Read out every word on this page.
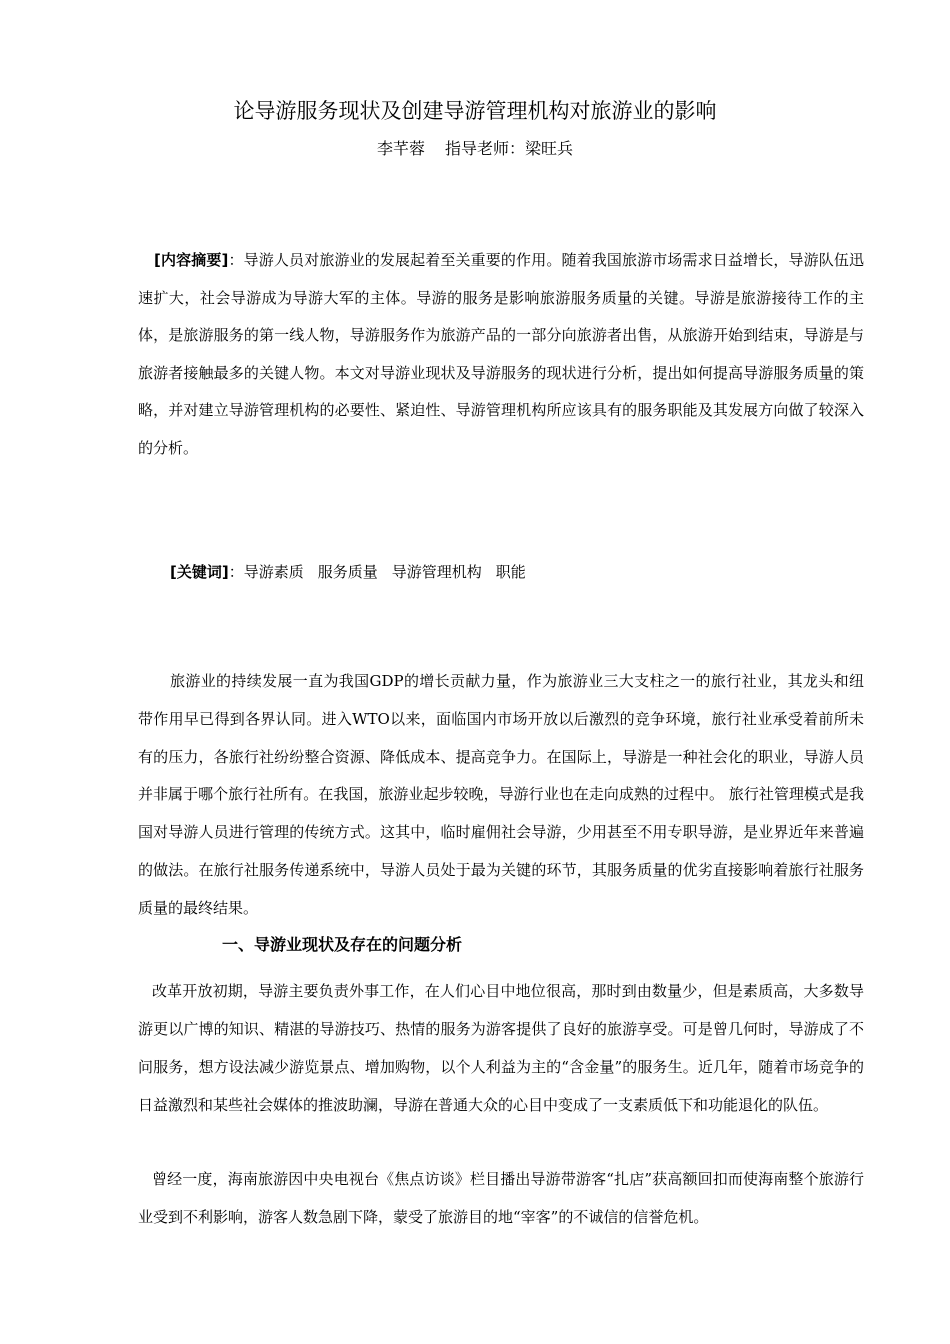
论导游服务现状及创建导游管理机构对旅游业的影响
李芊蓉 指导老师：梁旺兵
[内容摘要]：导游人员对旅游业的发展起着至关重要的作用。随着我国旅游市场需求日益增长，导游队伍迅速扩大，社会导游成为导游大军的主体。导游的服务是影响旅游服务质量的关键。导游是旅游接待工作的主体，是旅游服务的第一线人物，导游服务作为旅游产品的一部分向旅游者出售，从旅游开始到结束，导游是与旅游者接触最多的关键人物。本文对导游业现状及导游服务的现状进行分析，提出如何提高导游服务质量的策略，并对建立导游管理机构的必要性、紧迫性、导游管理机构所应该具有的服务职能及其发展方向做了较深入的分析。
[关键词]：导游素质 服务质量 导游管理机构 职能
旅游业的持续发展一直为我国GDP的增长贡献力量，作为旅游业三大支柱之一的旅行社业，其龙头和纽带作用早已得到各界认同。进入WTO以来，面临国内市场开放以后激烈的竞争环境，旅行社业承受着前所未有的压力，各旅行社纷纷整合资源、降低成本、提高竞争力。在国际上，导游是一种社会化的职业，导游人员并非属于哪个旅行社所有。在我国，旅游业起步较晚，导游行业也在走向成熟的过程中。 旅行社管理模式是我国对导游人员进行管理的传统方式。这其中，临时雇佣社会导游，少用甚至不用专职导游，是业界近年来普遍的做法。在旅行社服务传递系统中，导游人员处于最为关键的环节，其服务质量的优劣直接影响着旅行社服务质量的最终结果。
一、导游业现状及存在的问题分析
改革开放初期，导游主要负责外事工作，在人们心目中地位很高，那时到由数量少，但是素质高，大多数导游更以广博的知识、精湛的导游技巧、热情的服务为游客提供了良好的旅游享受。可是曾几何时，导游成了不问服务，想方设法减少游览景点、增加购物，以个人利益为主的“含金量”的服务生。近几年，随着市场竞争的日益激烈和某些社会媒体的推波助澜，导游在普通大众的心目中变成了一支素质低下和功能退化的队伍。
曾经一度，海南旅游因中央电视台《焦点访谈》栏目播出导游带游客“扎店”获高额回扣而使海南整个旅游行业受到不利影响，游客人数急剧下降，蒙受了旅游目的地“宰客”的不诚信的信誉危机。
